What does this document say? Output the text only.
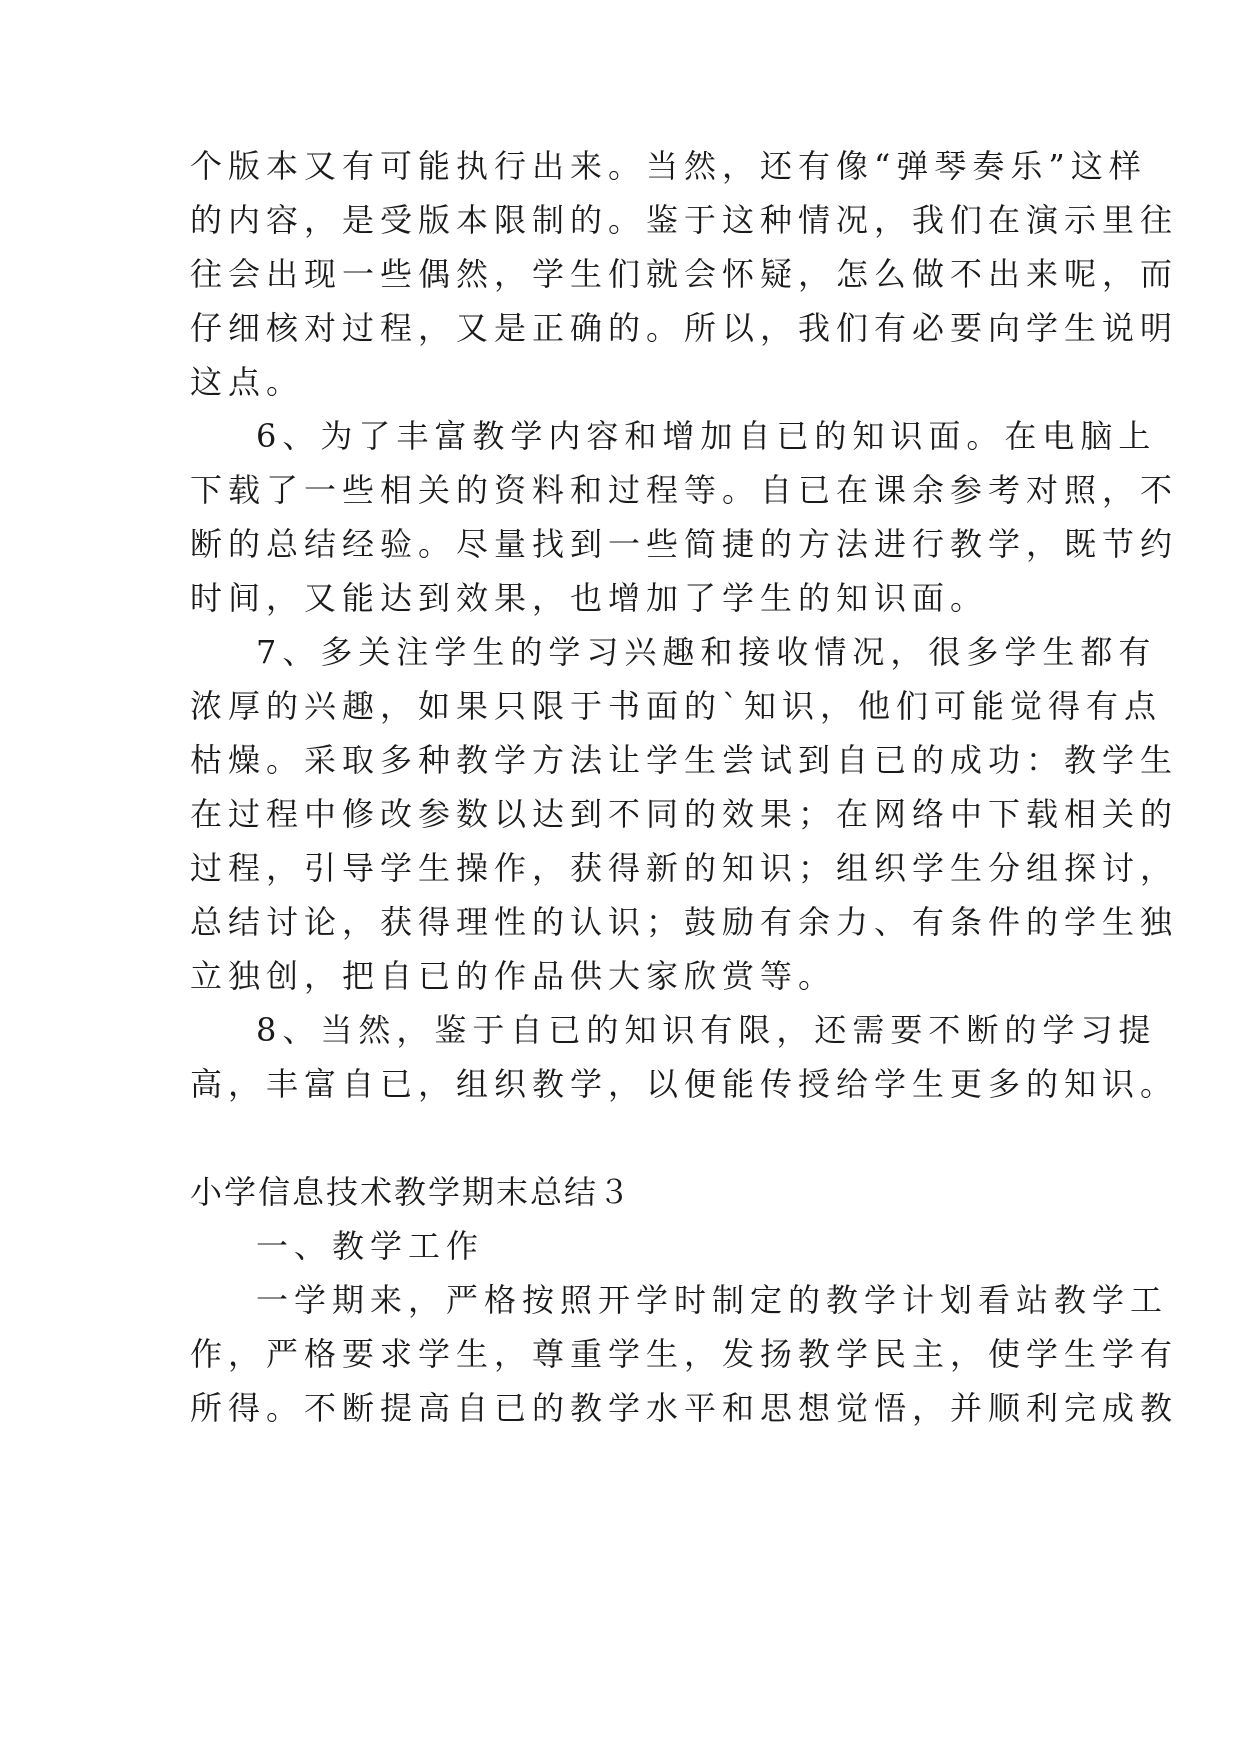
个版本又有可能执行出来。当然，还有像“弹琴奏乐”这样
的内容，是受版本限制的。鉴于这种情况，我们在演示里往
往会出现一些偶然，学生们就会怀疑，怎么做不出来呢，而
仔细核对过程，又是正确的。所以，我们有必要向学生说明
这点。
6、为了丰富教学内容和增加自已的知识面。在电脑上
下载了一些相关的资料和过程等。自已在课余参考对照，不
断的总结经验。尽量找到一些简捷的方法进行教学，既节约
时间，又能达到效果，也增加了学生的知识面。
7、多关注学生的学习兴趣和接收情况，很多学生都有
浓厚的兴趣，如果只限于书面的`知识，他们可能觉得有点
枯燥。采取多种教学方法让学生尝试到自已的成功：教学生
在过程中修改参数以达到不同的效果；在网络中下载相关的
过程，引导学生操作，获得新的知识；组织学生分组探讨，
总结讨论，获得理性的认识；鼓励有余力、有条件的学生独
立独创，把自已的作品供大家欣赏等。
8、当然，鉴于自已的知识有限，还需要不断的学习提
高，丰富自已，组织教学，以便能传授给学生更多的知识。
小学信息技术教学期末总结３
一、教学工作
一学期来，严格按照开学时制定的教学计划看站教学工
作，严格要求学生，尊重学生，发扬教学民主，使学生学有
所得。不断提高自已的教学水平和思想觉悟，并顺利完成教
